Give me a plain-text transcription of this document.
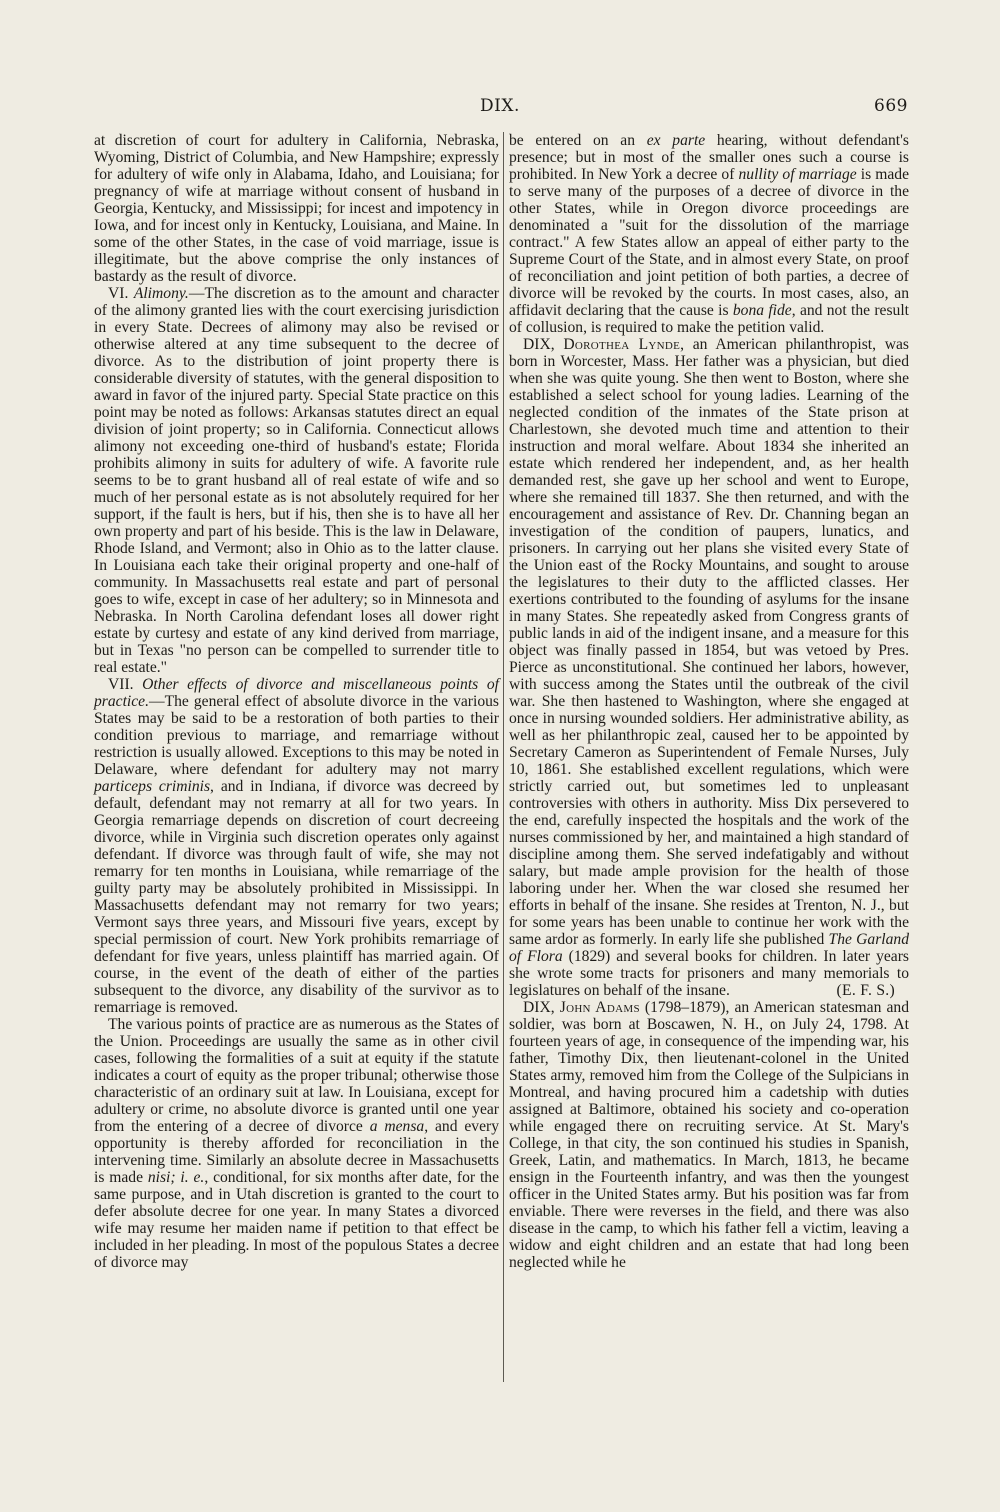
DIX.	669

at discretion of court for adultery in California, Nebraska, Wyoming, District of Columbia, and New Hampshire; expressly for adultery of wife only in Alabama, Idaho, and Louisiana; for pregnancy of wife at marriage without consent of husband in Georgia, Kentucky, and Mississippi; for incest and impotency in Iowa, and for incest only in Kentucky, Louisiana, and Maine. In some of the other States, in the case of void marriage, issue is illegitimate, but the above comprise the only instances of bastardy as the result of divorce.

VI. Alimony.—The discretion as to the amount and character of the alimony granted lies with the court exercising jurisdiction in every State. Decrees of alimony may also be revised or otherwise altered at any time subsequent to the decree of divorce. As to the distribution of joint property there is considerable diversity of statutes, with the general disposition to award in favor of the injured party. Special State practice on this point may be noted as follows: Arkansas statutes direct an equal division of joint property; so in California. Connecticut allows alimony not exceeding one-third of husband's estate; Florida prohibits alimony in suits for adultery of wife. A favorite rule seems to be to grant husband all of real estate of wife and so much of her personal estate as is not absolutely required for her support, if the fault is hers, but if his, then she is to have all her own property and part of his beside. This is the law in Delaware, Rhode Island, and Vermont; also in Ohio as to the latter clause. In Louisiana each take their original property and one-half of community. In Massachusetts real estate and part of personal goes to wife, except in case of her adultery; so in Minnesota and Nebraska. In North Carolina defendant loses all dower right estate by curtesy and estate of any kind derived from marriage, but in Texas "no person can be compelled to surrender title to real estate."

VII. Other effects of divorce and miscellaneous points of practice.—The general effect of absolute divorce in the various States may be said to be a restoration of both parties to their condition previous to marriage, and remarriage without restriction is usually allowed. Exceptions to this may be noted in Delaware, where defendant for adultery may not marry particeps criminis, and in Indiana, if divorce was decreed by default, defendant may not remarry at all for two years. In Georgia remarriage depends on discretion of court decreeing divorce, while in Virginia such discretion operates only against defendant. If divorce was through fault of wife, she may not remarry for ten months in Louisiana, while remarriage of the guilty party may be absolutely prohibited in Mississippi. In Massachusetts defendant may not remarry for two years; Vermont says three years, and Missouri five years, except by special permission of court. New York prohibits remarriage of defendant for five years, unless plaintiff has married again. Of course, in the event of the death of either of the parties subsequent to the divorce, any disability of the survivor as to remarriage is removed.

The various points of practice are as numerous as the States of the Union. Proceedings are usually the same as in other civil cases, following the formalities of a suit at equity if the statute indicates a court of equity as the proper tribunal; otherwise those characteristic of an ordinary suit at law. In Louisiana, except for adultery or crime, no absolute divorce is granted until one year from the entering of a decree of divorce a mensa, and every opportunity is thereby afforded for reconciliation in the intervening time. Similarly an absolute decree in Massachusetts is made nisi; i. e., conditional, for six months after date, for the same purpose, and in Utah discretion is granted to the court to defer absolute decree for one year. In many States a divorced wife may resume her maiden name if petition to that effect be included in her pleading. In most of the populous States a decree of divorce may

be entered on an ex parte hearing, without defendant's presence; but in most of the smaller ones such a course is prohibited. In New York a decree of nullity of marriage is made to serve many of the purposes of a decree of divorce in the other States, while in Oregon divorce proceedings are denominated a "suit for the dissolution of the marriage contract." A few States allow an appeal of either party to the Supreme Court of the State, and in almost every State, on proof of reconciliation and joint petition of both parties, a decree of divorce will be revoked by the courts. In most cases, also, an affidavit declaring that the cause is bona fide, and not the result of collusion, is required to make the petition valid.

DIX, Dorothea Lynde, an American philanthropist, was born in Worcester, Mass. Her father was a physician, but died when she was quite young. She then went to Boston, where she established a select school for young ladies. Learning of the neglected condition of the inmates of the State prison at Charlestown, she devoted much time and attention to their instruction and moral welfare. About 1834 she inherited an estate which rendered her independent, and, as her health demanded rest, she gave up her school and went to Europe, where she remained till 1837. She then returned, and with the encouragement and assistance of Rev. Dr. Channing began an investigation of the condition of paupers, lunatics, and prisoners. In carrying out her plans she visited every State of the Union east of the Rocky Mountains, and sought to arouse the legislatures to their duty to the afflicted classes. Her exertions contributed to the founding of asylums for the insane in many States. She repeatedly asked from Congress grants of public lands in aid of the indigent insane, and a measure for this object was finally passed in 1854, but was vetoed by Pres. Pierce as unconstitutional. She continued her labors, however, with success among the States until the outbreak of the civil war. She then hastened to Washington, where she engaged at once in nursing wounded soldiers. Her administrative ability, as well as her philanthropic zeal, caused her to be appointed by Secretary Cameron as Superintendent of Female Nurses, July 10, 1861. She established excellent regulations, which were strictly carried out, but sometimes led to unpleasant controversies with others in authority. Miss Dix persevered to the end, carefully inspected the hospitals and the work of the nurses commissioned by her, and maintained a high standard of discipline among them. She served indefatigably and without salary, but made ample provision for the health of those laboring under her. When the war closed she resumed her efforts in behalf of the insane. She resides at Trenton, N. J., but for some years has been unable to continue her work with the same ardor as formerly. In early life she published The Garland of Flora (1829) and several books for children. In later years she wrote some tracts for prisoners and many memorials to legislatures on behalf of the insane.	(E. F. S.)

DIX, John Adams (1798–1879), an American statesman and soldier, was born at Boscawen, N. H., on July 24, 1798. At fourteen years of age, in consequence of the impending war, his father, Timothy Dix, then lieutenant-colonel in the United States army, removed him from the College of the Sulpicians in Montreal, and having procured him a cadetship with duties assigned at Baltimore, obtained his society and co-operation while engaged there on recruiting service. At St. Mary's College, in that city, the son continued his studies in Spanish, Greek, Latin, and mathematics. In March, 1813, he became ensign in the Fourteenth infantry, and was then the youngest officer in the United States army. But his position was far from enviable. There were reverses in the field, and there was also disease in the camp, to which his father fell a victim, leaving a widow and eight children and an estate that had long been neglected while he
